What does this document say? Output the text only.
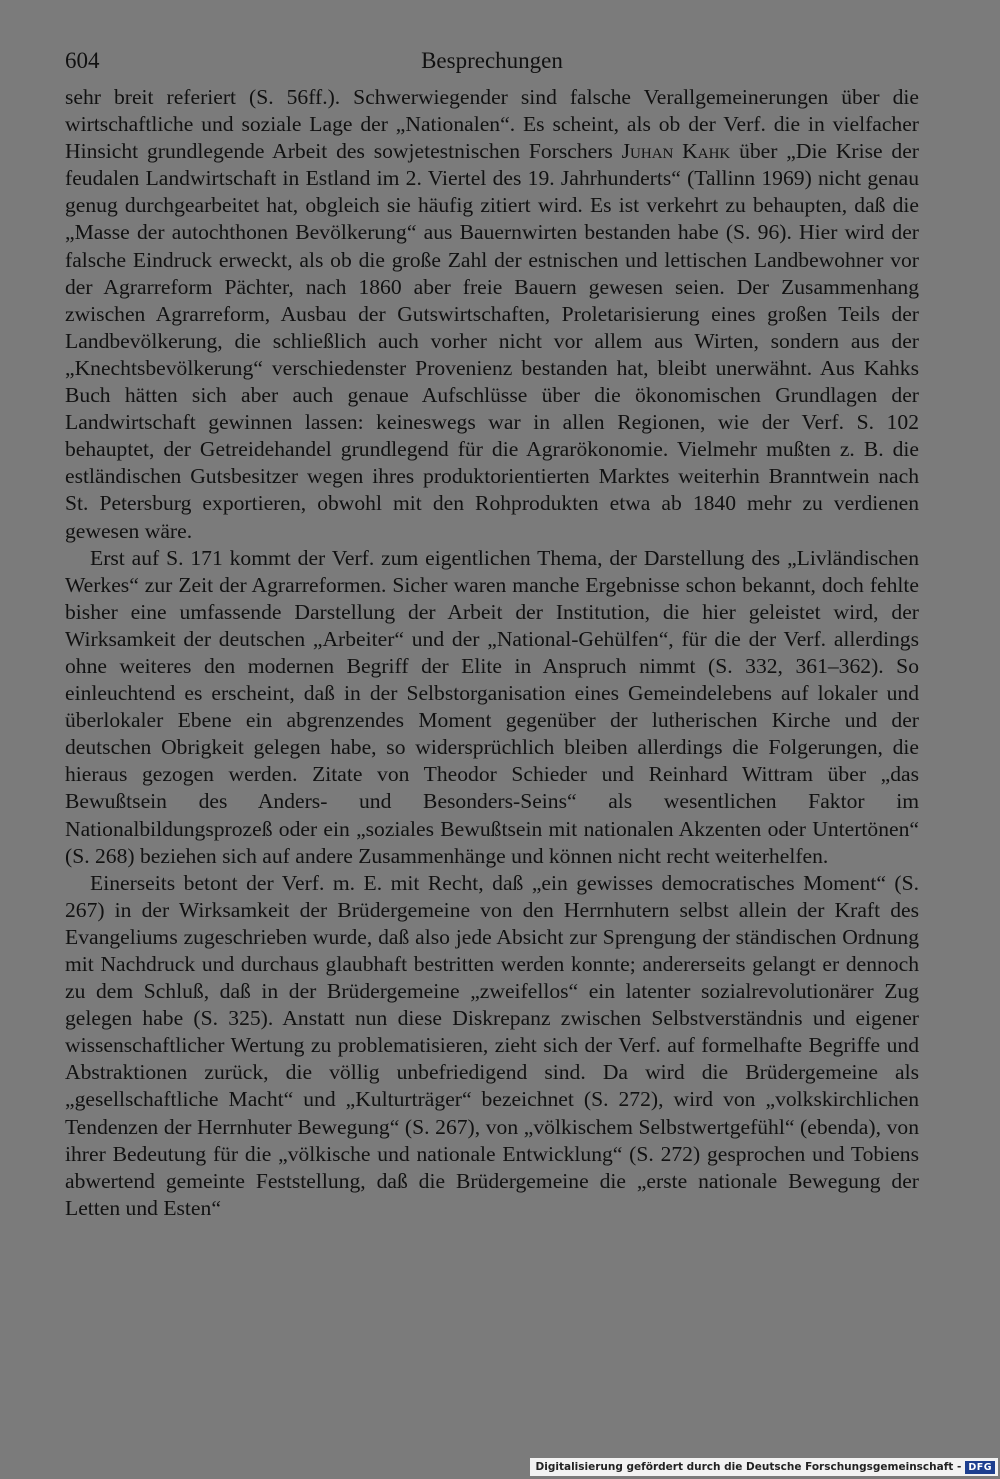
604	Besprechungen

sehr breit referiert (S. 56ff.). Schwerwiegender sind falsche Verallgemeinerungen über die wirtschaftliche und soziale Lage der „Nationalen“. Es scheint, als ob der Verf. die in vielfacher Hinsicht grundlegende Arbeit des sowjetestnischen Forschers Juhan Kahk über „Die Krise der feudalen Landwirtschaft in Estland im 2. Viertel des 19. Jahrhunderts“ (Tallinn 1969) nicht genau genug durchgearbeitet hat, obgleich sie häufig zitiert wird. Es ist verkehrt zu behaupten, daß die „Masse der autochthonen Bevölkerung“ aus Bauernwirten bestanden habe (S. 96). Hier wird der falsche Eindruck erweckt, als ob die große Zahl der estnischen und lettischen Landbewohner vor der Agrarreform Pächter, nach 1860 aber freie Bauern gewesen seien. Der Zusammenhang zwischen Agrarreform, Ausbau der Gutswirtschaften, Proletarisierung eines großen Teils der Landbevölkerung, die schließlich auch vorher nicht vor allem aus Wirten, sondern aus der „Knechtsbevölkerung“ verschiedenster Provenienz bestanden hat, bleibt unerwähnt. Aus Kahks Buch hätten sich aber auch genaue Aufschlüsse über die ökonomischen Grundlagen der Landwirtschaft gewinnen lassen: keineswegs war in allen Regionen, wie der Verf. S. 102 behauptet, der Getreidehandel grundlegend für die Agrarökonomie. Vielmehr mußten z. B. die estländischen Gutsbesitzer wegen ihres produktorientierten Marktes weiterhin Branntwein nach St. Petersburg exportieren, obwohl mit den Rohprodukten etwa ab 1840 mehr zu verdienen gewesen wäre.

Erst auf S. 171 kommt der Verf. zum eigentlichen Thema, der Darstellung des „Livländischen Werkes“ zur Zeit der Agrarreformen. Sicher waren manche Ergebnisse schon bekannt, doch fehlte bisher eine umfassende Darstellung der Arbeit der Institution, die hier geleistet wird, der Wirksamkeit der deutschen „Arbeiter“ und der „National-Gehülfen“, für die der Verf. allerdings ohne weiteres den modernen Begriff der Elite in Anspruch nimmt (S. 332, 361–362). So einleuchtend es erscheint, daß in der Selbstorganisation eines Gemeindelebens auf lokaler und überlokaler Ebene ein abgrenzendes Moment gegenüber der lutherischen Kirche und der deutschen Obrigkeit gelegen habe, so widersprüchlich bleiben allerdings die Folgerungen, die hieraus gezogen werden. Zitate von Theodor Schieder und Reinhard Wittram über „das Bewußtsein des Anders- und Besonders-Seins“ als wesentlichen Faktor im Nationalbildungsprozeß oder ein „soziales Bewußtsein mit nationalen Akzenten oder Untertönen“ (S. 268) beziehen sich auf andere Zusammenhänge und können nicht recht weiterhelfen.

Einerseits betont der Verf. m. E. mit Recht, daß „ein gewisses democratisches Moment“ (S. 267) in der Wirksamkeit der Brüdergemeine von den Herrnhutern selbst allein der Kraft des Evangeliums zugeschrieben wurde, daß also jede Absicht zur Sprengung der ständischen Ordnung mit Nachdruck und durchaus glaubhaft bestritten werden konnte; andererseits gelangt er dennoch zu dem Schluß, daß in der Brüdergemeine „zweifellos“ ein latenter sozialrevolutionärer Zug gelegen habe (S. 325). Anstatt nun diese Diskrepanz zwischen Selbstverständnis und eigener wissenschaftlicher Wertung zu problematisieren, zieht sich der Verf. auf formelhafte Begriffe und Abstraktionen zurück, die völlig unbefriedigend sind. Da wird die Brüdergemeine als „gesellschaftliche Macht“ und „Kulturträger“ bezeichnet (S. 272), wird von „volkskirchlichen Tendenzen der Herrnhuter Bewegung“ (S. 267), von „völkischem Selbstwertgefühl“ (ebenda), von ihrer Bedeutung für die „völkische und nationale Entwicklung“ (S. 272) gesprochen und Tobiens abwertend gemeinte Feststellung, daß die Brüdergemeine die „erste nationale Bewegung der Letten und Esten“

Digitalisierung gefördert durch die Deutsche Forschungsgemeinschaft - DFG
